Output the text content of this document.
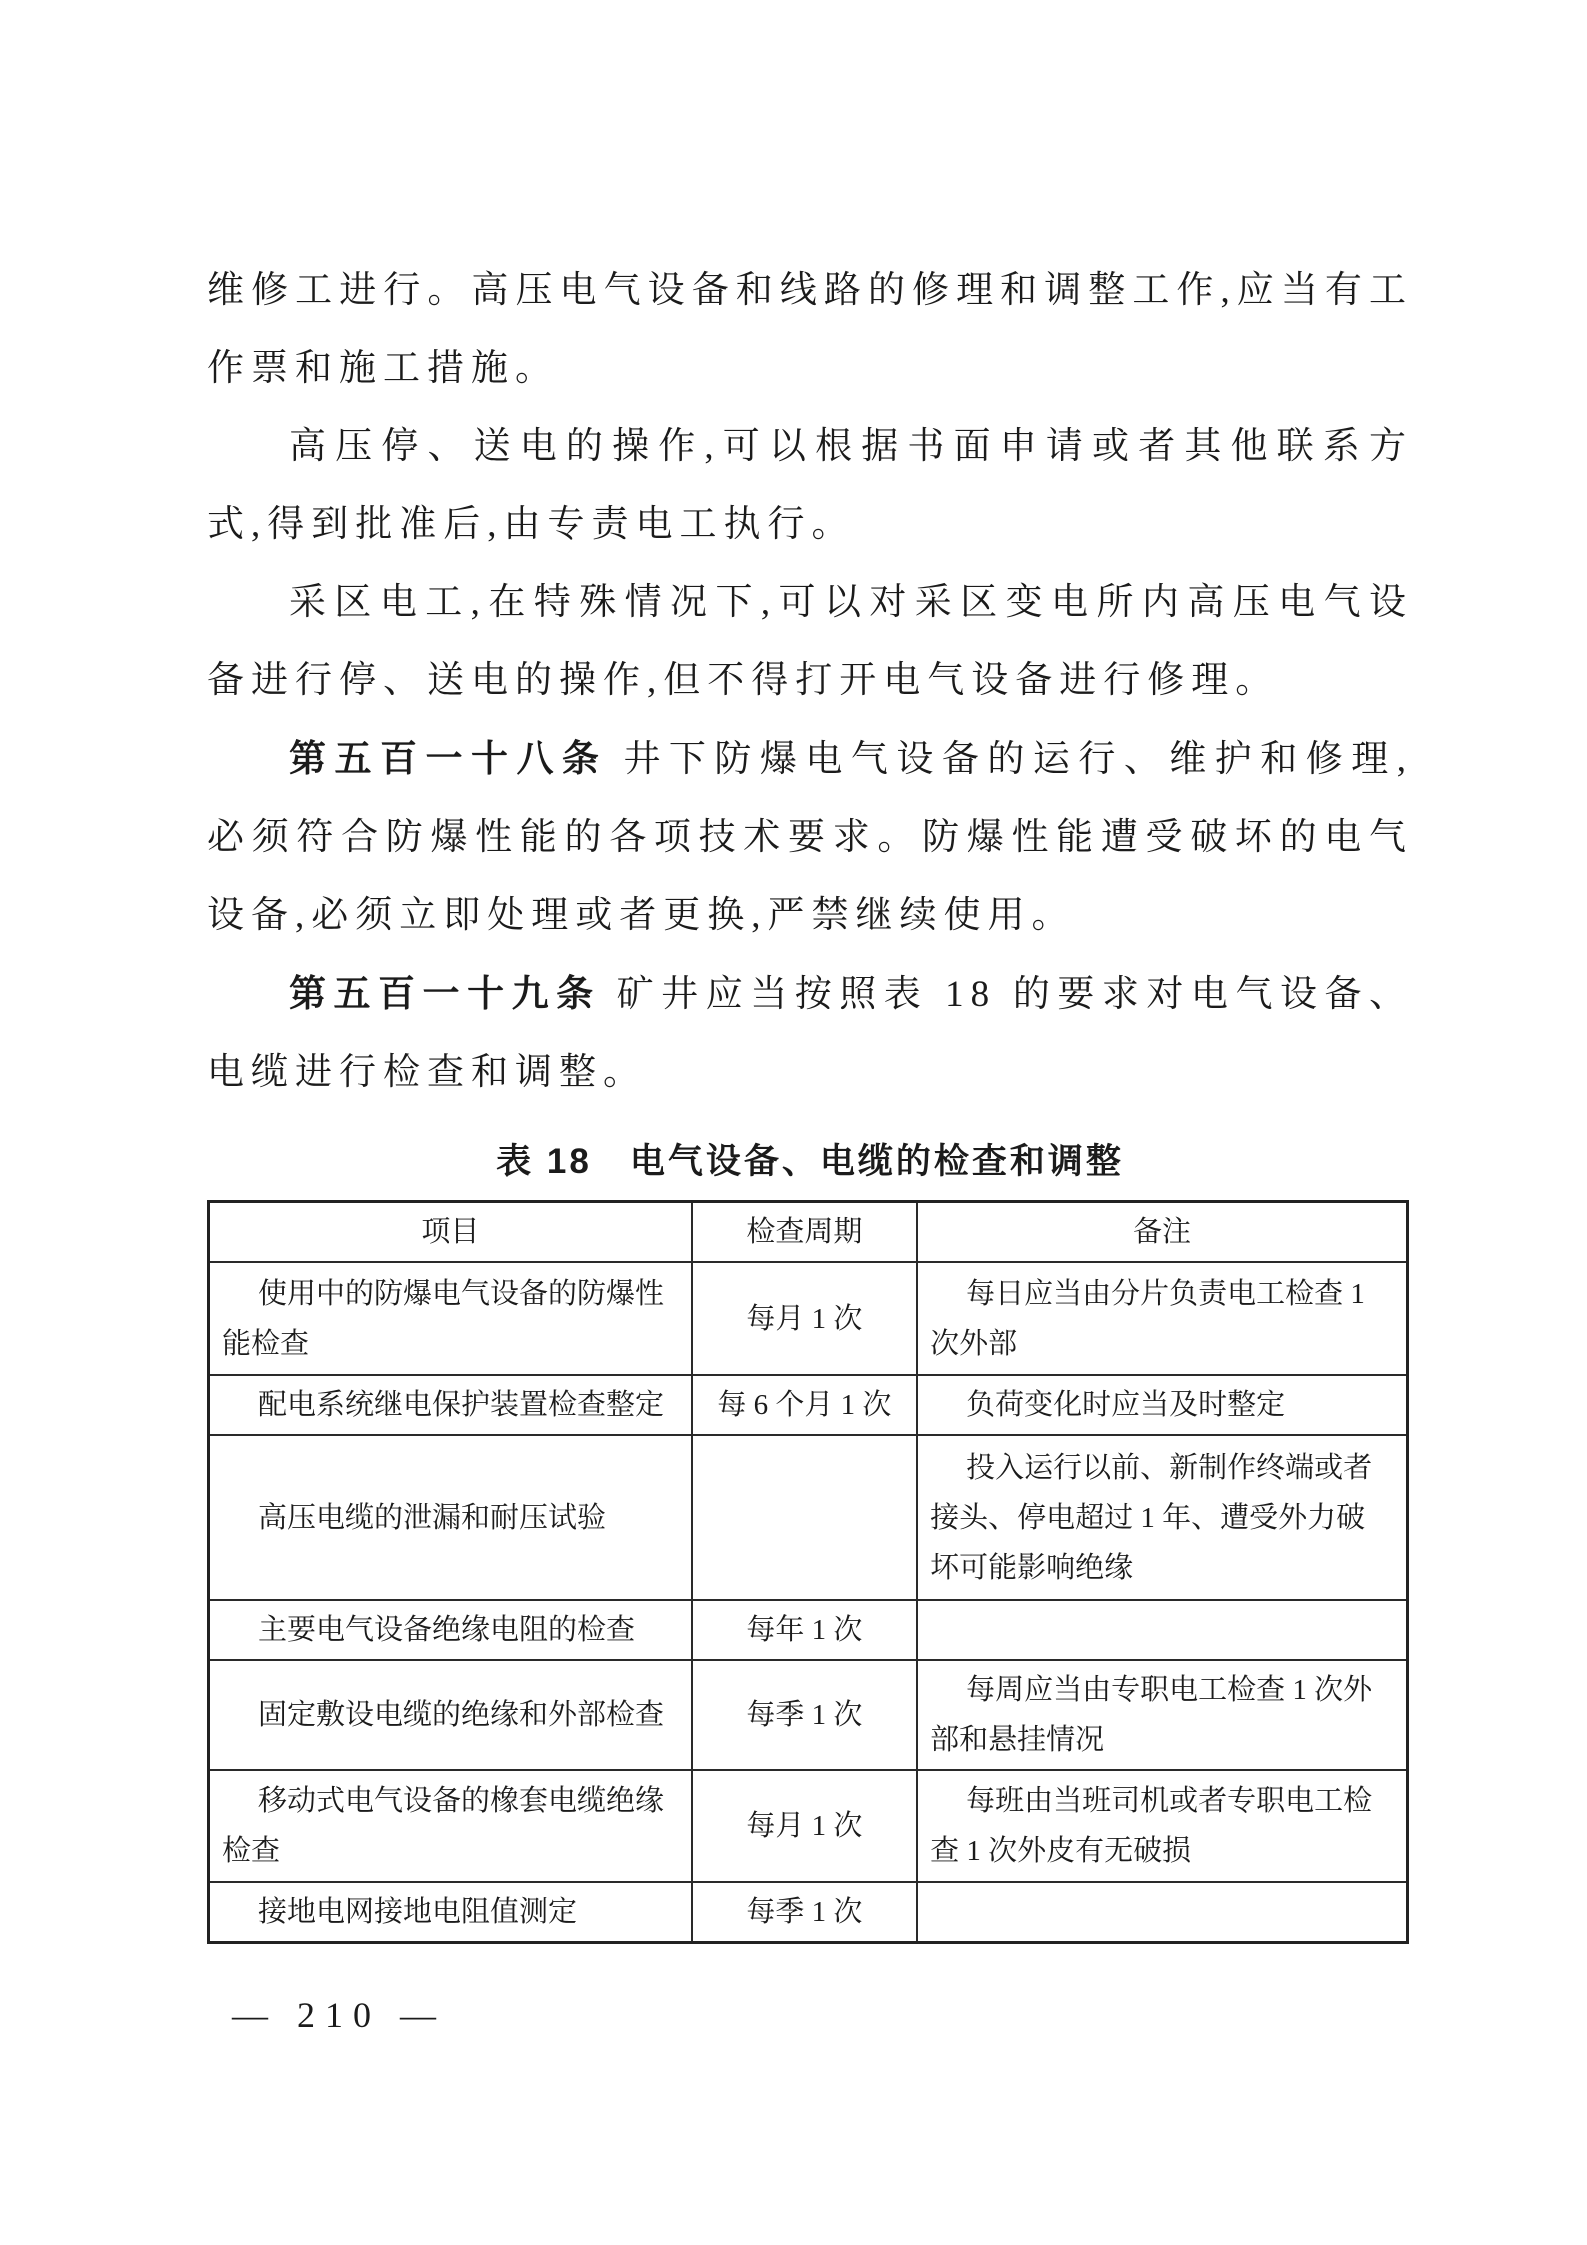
维修工进行。高压电气设备和线路的修理和调整工作,应当有工作票和施工措施。

高压停、送电的操作,可以根据书面申请或者其他联系方式,得到批准后,由专责电工执行。

采区电工,在特殊情况下,可以对采区变电所内高压电气设备进行停、送电的操作,但不得打开电气设备进行修理。

第五百一十八条 井下防爆电气设备的运行、维护和修理,必须符合防爆性能的各项技术要求。防爆性能遭受破坏的电气设备,必须立即处理或者更换,严禁继续使用。

第五百一十九条 矿井应当按照表 18 的要求对电气设备、电缆进行检查和调整。

表 18　电气设备、电缆的检查和调整
项目	检查周期	备注
使用中的防爆电气设备的防爆性能检查	每月 1 次	每日应当由分片负责电工检查 1 次外部
配电系统继电保护装置检查整定	每 6 个月 1 次	负荷变化时应当及时整定
高压电缆的泄漏和耐压试验		投入运行以前、新制作终端或者接头、停电超过 1 年、遭受外力破坏可能影响绝缘
主要电气设备绝缘电阻的检查	每年 1 次	
固定敷设电缆的绝缘和外部检查	每季 1 次	每周应当由专职电工检查 1 次外部和悬挂情况
移动式电气设备的橡套电缆绝缘检查	每月 1 次	每班由当班司机或者专职电工检查 1 次外皮有无破损
接地电网接地电阻值测定	每季 1 次	
— 210 —
